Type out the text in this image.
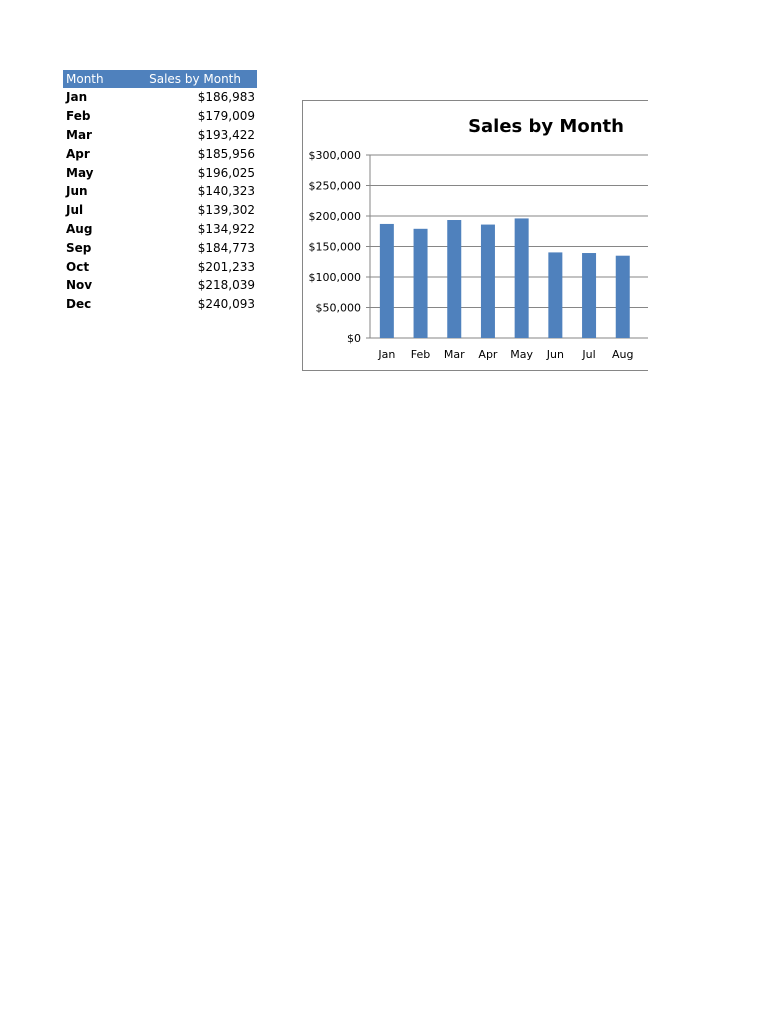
Month	Sales by Month
Jan	$186,983
Feb	$179,009
Mar	$193,422
Apr	$185,956
May	$196,025
Jun	$140,323
Jul	$139,302
Aug	$134,922
Sep	$184,773
Oct	$201,233
Nov	$218,039
Dec	$240,093
Sales by Month
$0
$50,000
$100,000
$150,000
$200,000
$250,000
$300,000
Jan Feb Mar Apr May Jun Jul Aug
